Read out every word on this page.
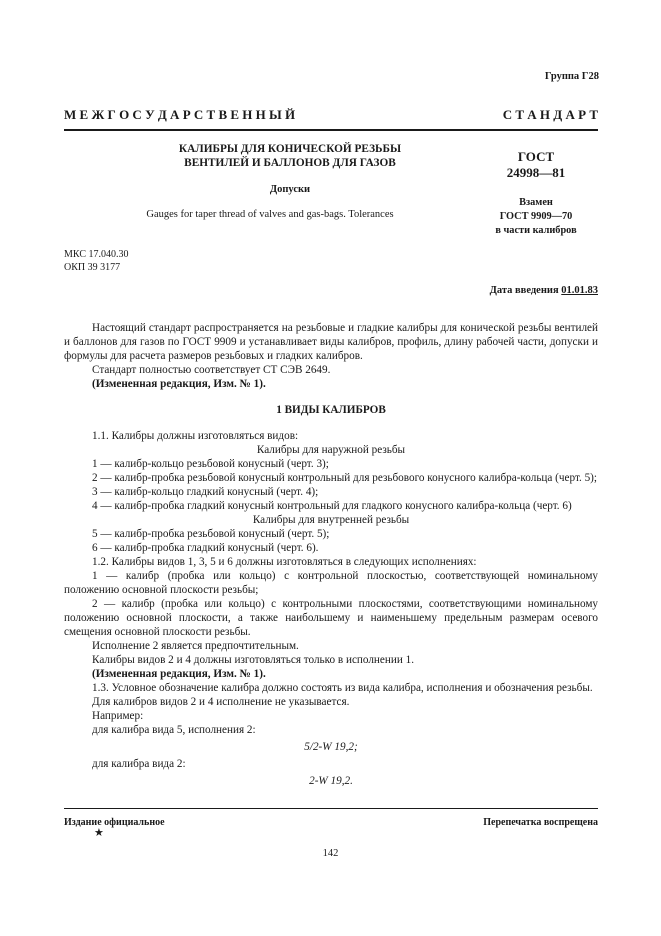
Группа Г28
М Е Ж Г О С У Д А Р С Т В Е Н Н Ы Й	С Т А Н Д А Р Т
КАЛИБРЫ ДЛЯ КОНИЧЕСКОЙ РЕЗЬБЫ
ВЕНТИЛЕЙ И БАЛЛОНОВ ДЛЯ ГАЗОВ
Допуски
Gauges for taper thread of valves and gas-bags. Tolerances
ГОСТ
24998—81
Взамен
ГОСТ 9909—70
в части калибров
МКС 17.040.30
ОКП 39 3177
Дата введения 01.01.83

Настоящий стандарт распространяется на резьбовые и гладкие калибры для конической резьбы вентилей и баллонов для газов по ГОСТ 9909 и устанавливает виды калибров, профиль, длину рабочей части, допуски и формулы для расчета размеров резьбовых и гладких калибров.

Стандарт полностью соответствует СТ СЭВ 2649.

(Измененная редакция, Изм. № 1).

1 ВИДЫ КАЛИБРОВ

1.1. Калибры должны изготовляться видов:

Калибры для наружной резьбы

1 — калибр-кольцо резьбовой конусный (черт. 3);

2 — калибр-пробка резьбовой конусный контрольный для резьбового конусного калибра-кольца (черт. 5);

3 — калибр-кольцо гладкий конусный (черт. 4);

4 — калибр-пробка гладкий конусный контрольный для гладкого конусного калибра-кольца (черт. 6)

Калибры для внутренней резьбы

5 — калибр-пробка резьбовой конусный (черт. 5);

6 — калибр-пробка гладкий конусный (черт. 6).

1.2. Калибры видов 1, 3, 5 и 6 должны изготовляться в следующих исполнениях:

1 — калибр (пробка или кольцо) с контрольной плоскостью, соответствующей номинальному положению основной плоскости резьбы;

2 — калибр (пробка или кольцо) с контрольными плоскостями, соответствующими номинальному положению основной плоскости, а также наибольшему и наименьшему предельным размерам осевого смещения основной плоскости резьбы.

Исполнение 2 является предпочтительным.

Калибры видов 2 и 4 должны изготовляться только в исполнении 1.

(Измененная редакция, Изм. № 1).

1.3. Условное обозначение калибра должно состоять из вида калибра, исполнения и обозначения резьбы.

Для калибров видов 2 и 4 исполнение не указывается.

Например:

для калибра вида 5, исполнения 2:

5/2-W 19,2;

для калибра вида 2:

2-W 19,2.

Издание официальное	Перепечатка воспрещена
★
142
